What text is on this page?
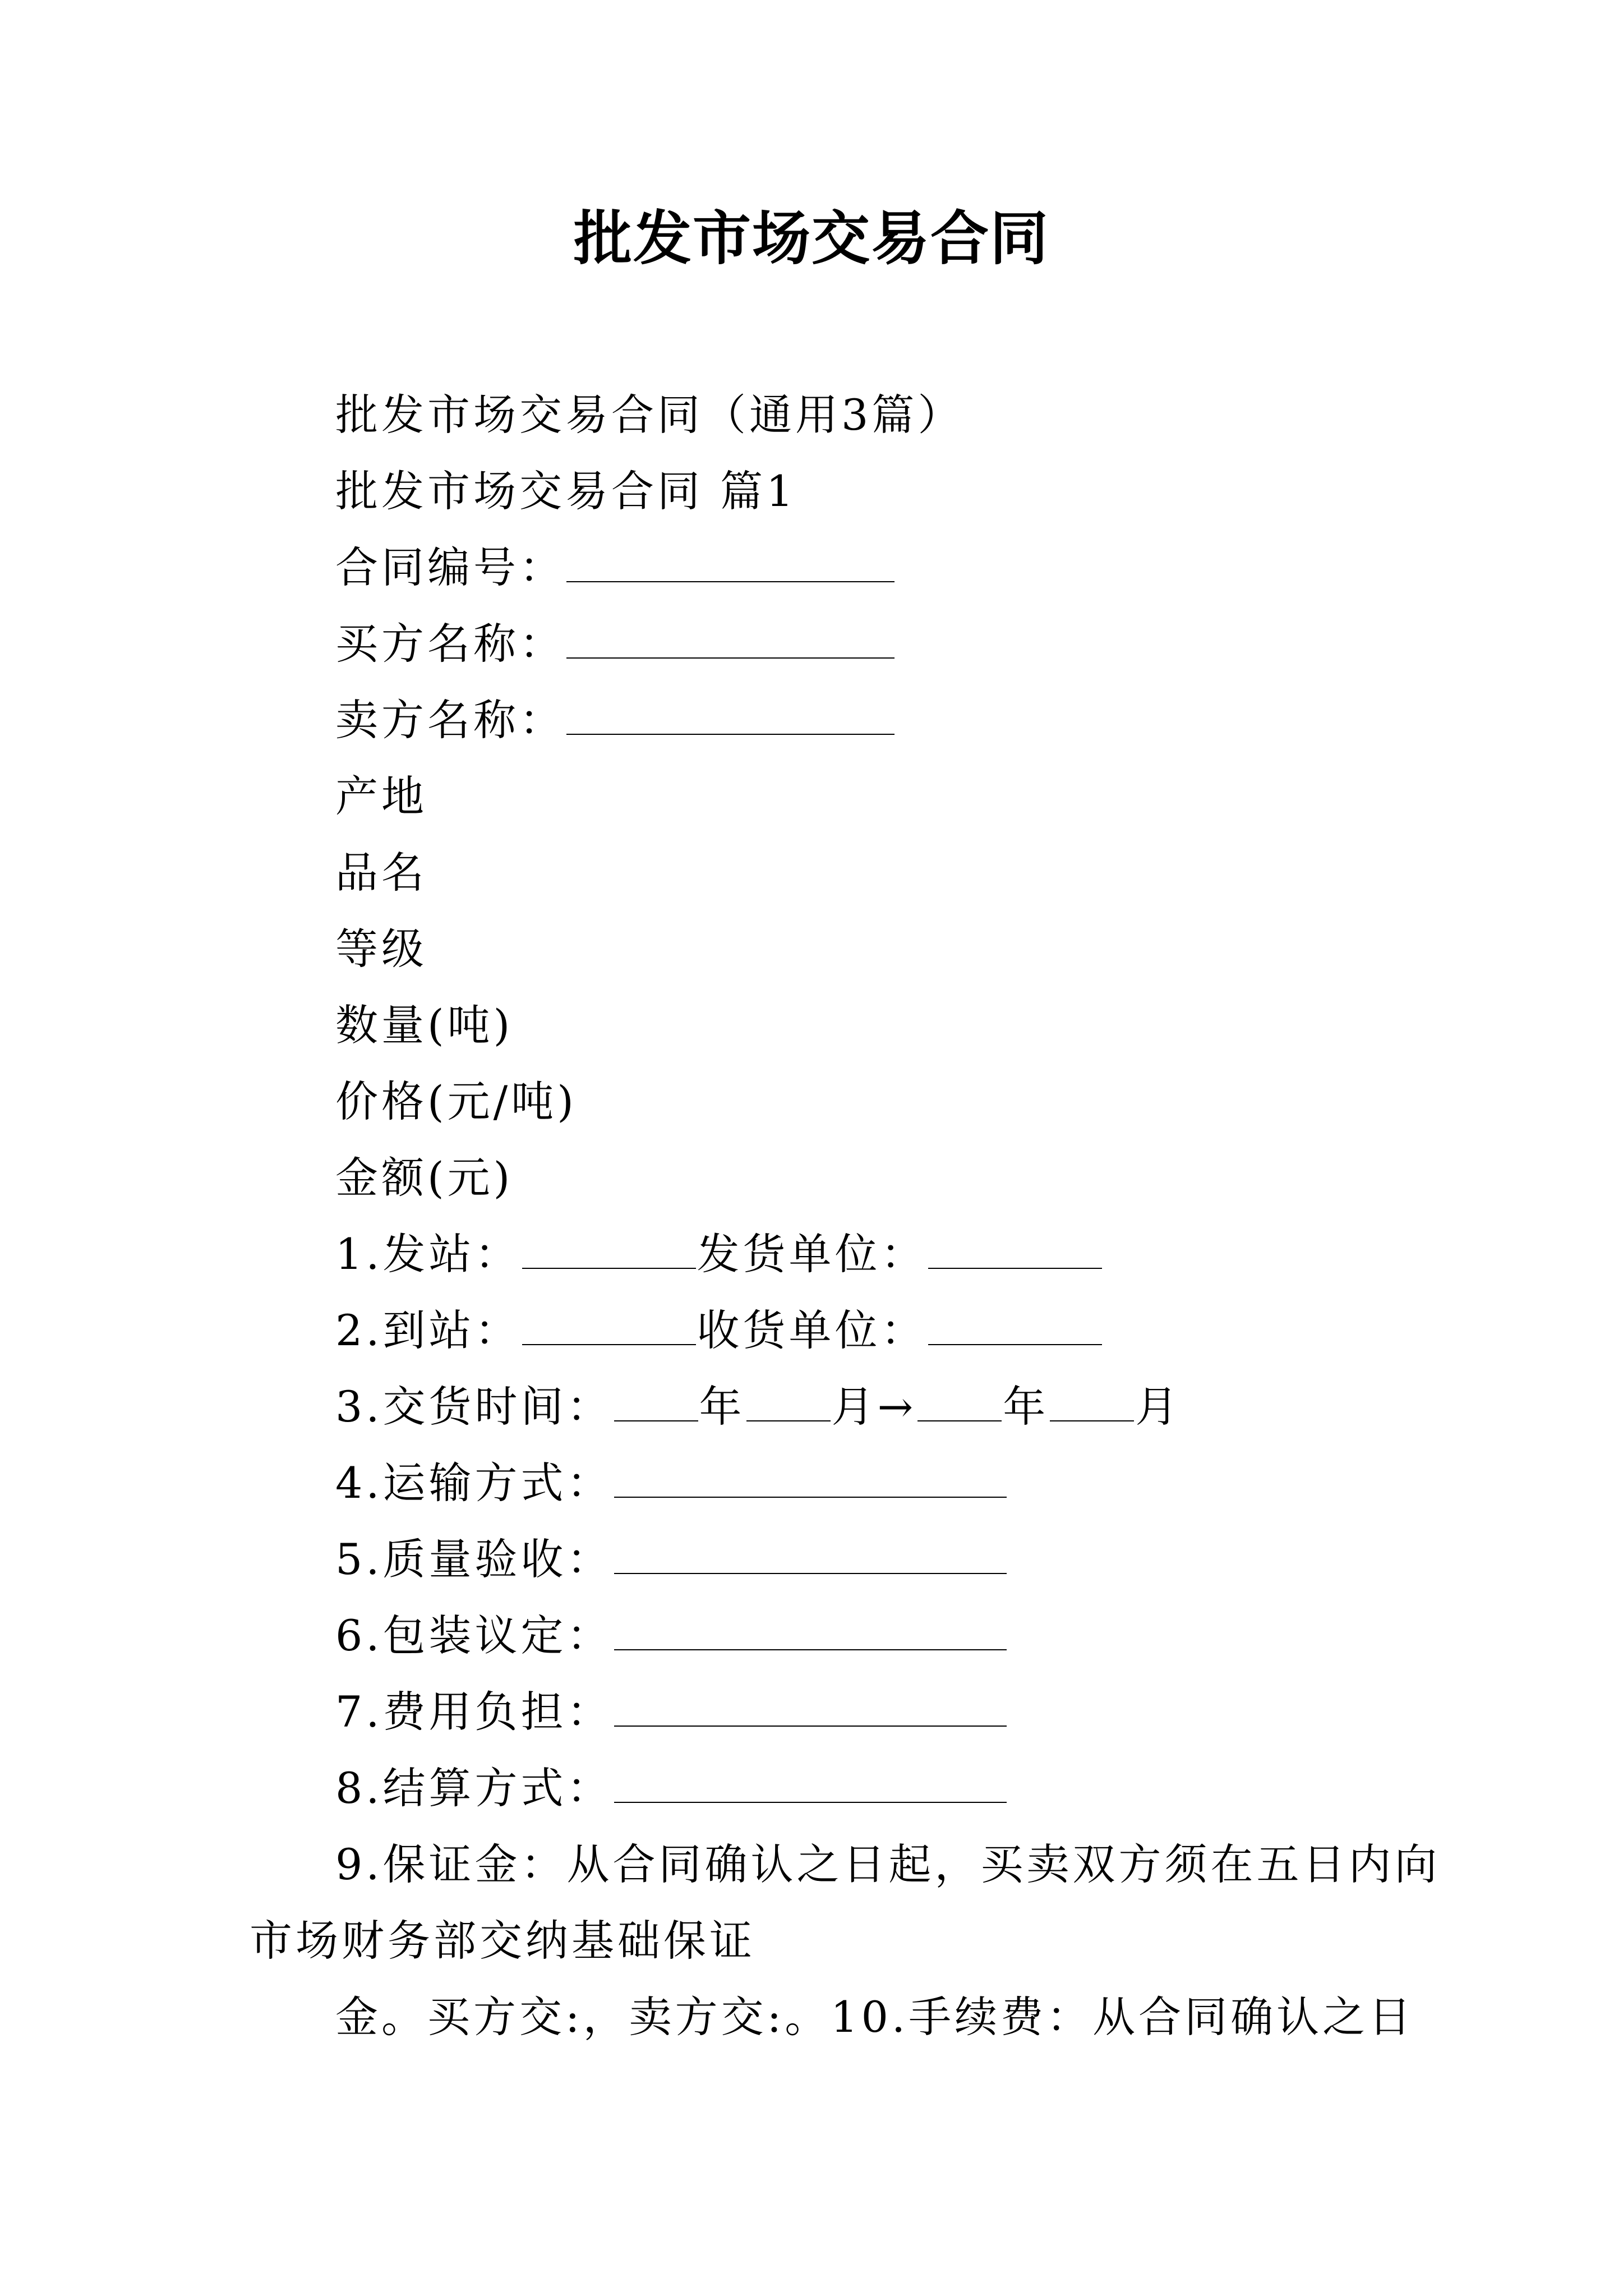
批发市场交易合同
批发市场交易合同（通用3篇）
批发市场交易合同 篇1
合同编号：
买方名称：
卖方名称：
产地
品名
等级
数量(吨)
价格(元/吨)
金额(元)
1.发站：	发货单位：
2.到站：	收货单位：
3.交货时间： 年 月→ 年 月
4.运输方式：
5.质量验收：
6.包装议定：
7.费用负担：
8.结算方式：
9.保证金：从合同确认之日起，买卖双方须在五日内向
市场财务部交纳基础保证
金。买方交:，卖方交:。10.手续费：从合同确认之日
